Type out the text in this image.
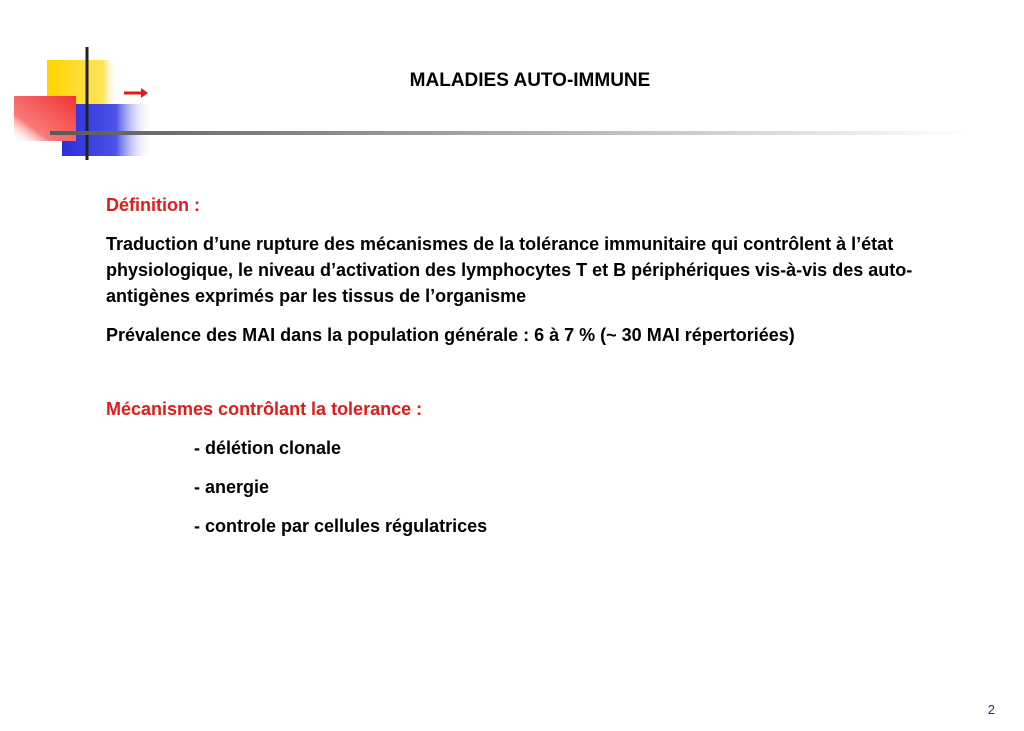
MALADIES AUTO-IMMUNE

Définition :

Traduction d’une rupture des mécanismes de la tolérance immunitaire qui contrôlent à l’état physiologique, le niveau d’activation des lymphocytes T et B périphériques vis-à-vis des auto-antigènes exprimés par les tissus de l’organisme

Prévalence des MAI dans la population générale : 6 à 7 % (~ 30 MAI répertoriées)

Mécanismes contrôlant la tolerance :

- délétion clonale

- anergie

- controle par cellules régulatrices

2
